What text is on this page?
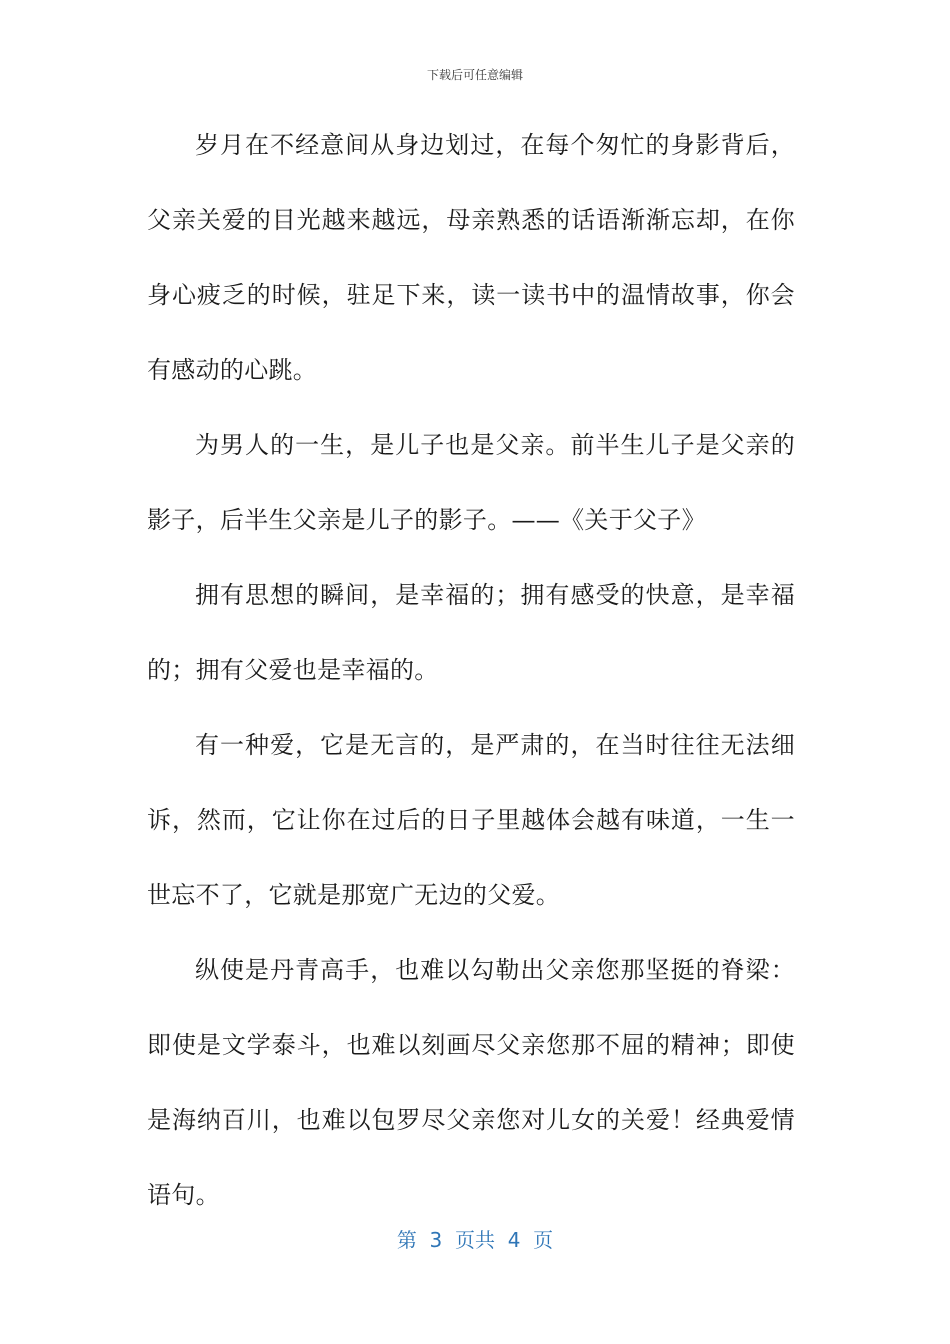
下载后可任意编辑

岁月在不经意间从身边划过，在每个匆忙的身影背后，父亲关爱的目光越来越远，母亲熟悉的话语渐渐忘却，在你身心疲乏的时候，驻足下来，读一读书中的温情故事，你会有感动的心跳。

为男人的一生，是儿子也是父亲。前半生儿子是父亲的影子，后半生父亲是儿子的影子。——《关于父子》

拥有思想的瞬间，是幸福的；拥有感受的快意，是幸福的；拥有父爱也是幸福的。

有一种爱，它是无言的，是严肃的，在当时往往无法细诉，然而，它让你在过后的日子里越体会越有味道，一生一世忘不了，它就是那宽广无边的父爱。

纵使是丹青高手，也难以勾勒出父亲您那坚挺的脊梁：即使是文学泰斗，也难以刻画尽父亲您那不屈的精神；即使是海纳百川，也难以包罗尽父亲您对儿女的关爱！经典爱情语句。

第  3  页共  4  页
